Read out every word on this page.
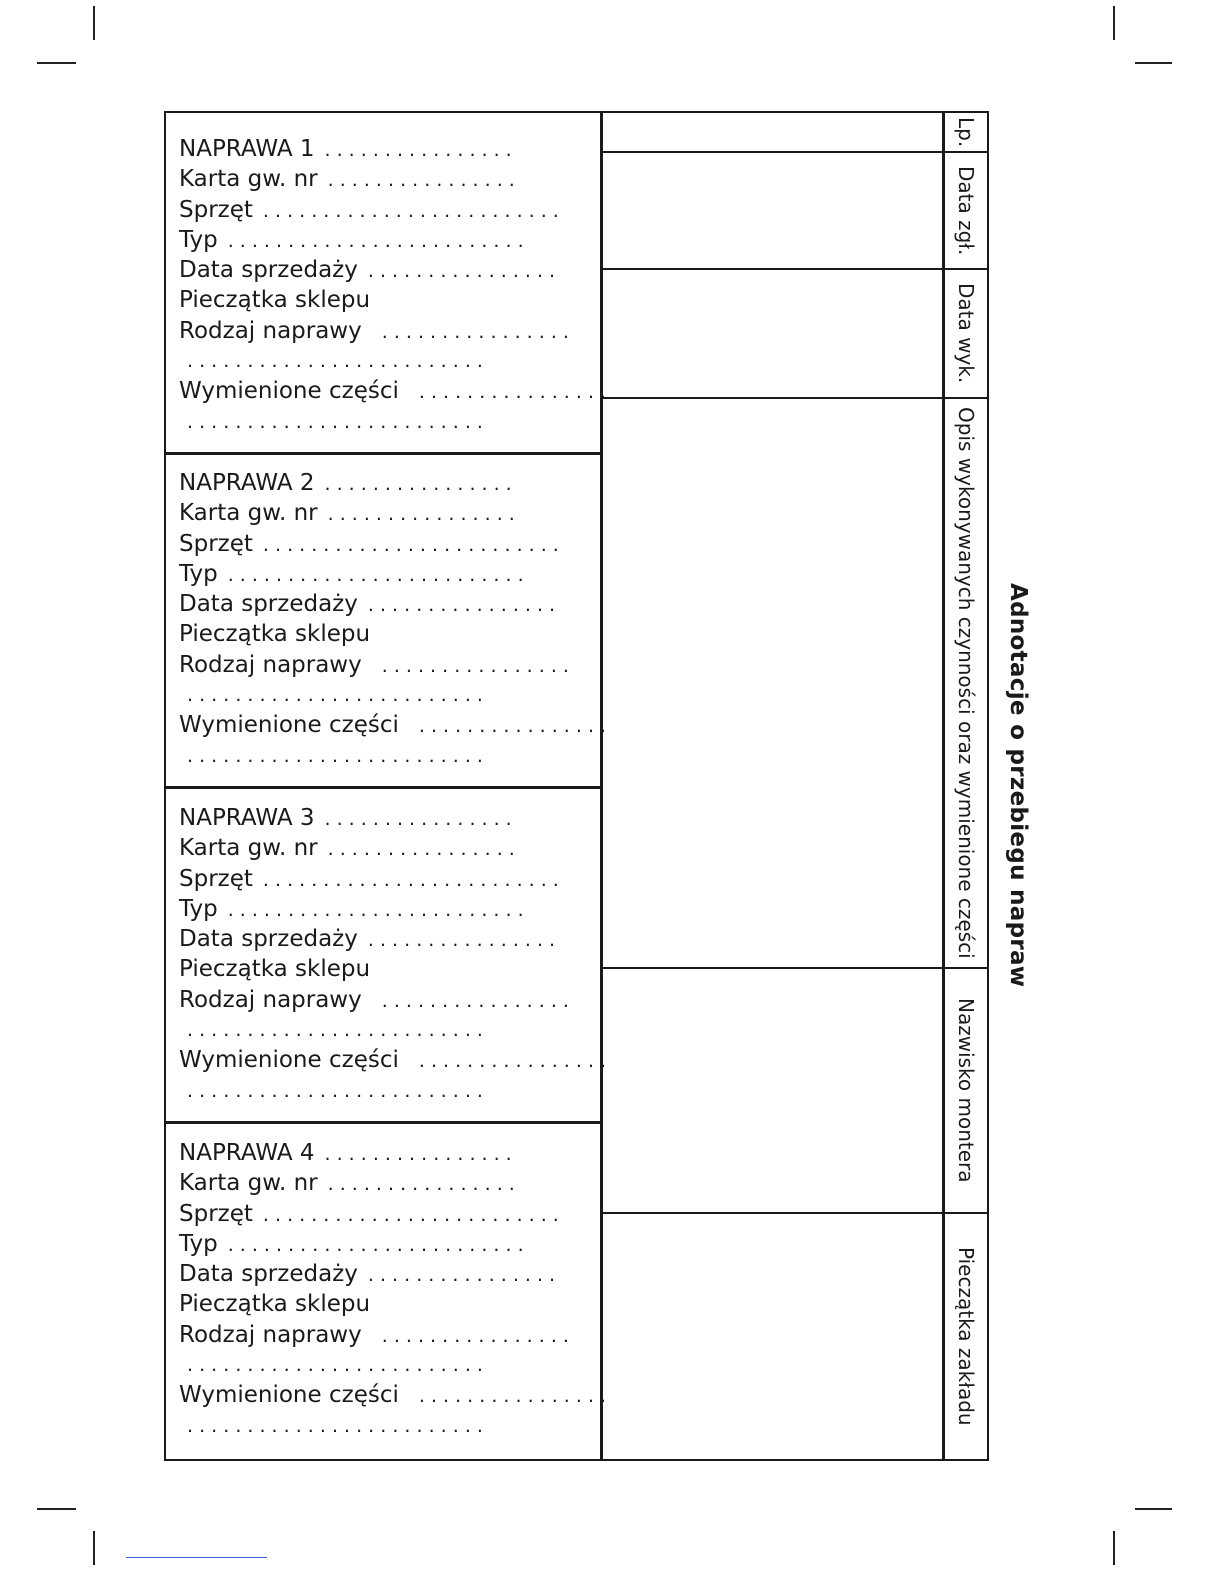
Lp.
Data zgł.
Data wyk.
Opis wykonywanych czynności oraz wymienione części
Nazwisko montera
Pieczątka zakładu
NAPRAWA 1 . . . . . . . . . . . . . . . .
Karta gw. nr . . . . . . . . . . . . . . . .
Sprzęt . . . . . . . . . . . . . . . . . . . . . . . . .
Typ . . . . . . . . . . . . . . . . . . . . . . . . .
Data sprzedaży . . . . . . . . . . . . . . . .
Pieczątka sklepu
Rodzaj naprawy . . . . . . . . . . . . . . . .
. . . . . . . . . . . . . . . . . . . . . . . . .
Wymienione części . . . . . . . . . . . . . . . .
. . . . . . . . . . . . . . . . . . . . . . . . .
NAPRAWA 2 . . . . . . . . . . . . . . . .
Karta gw. nr . . . . . . . . . . . . . . . .
Sprzęt . . . . . . . . . . . . . . . . . . . . . . . . .
Typ . . . . . . . . . . . . . . . . . . . . . . . . .
Data sprzedaży . . . . . . . . . . . . . . . .
Pieczątka sklepu
Rodzaj naprawy . . . . . . . . . . . . . . . .
. . . . . . . . . . . . . . . . . . . . . . . . .
Wymienione części . . . . . . . . . . . . . . . .
. . . . . . . . . . . . . . . . . . . . . . . . .
NAPRAWA 3 . . . . . . . . . . . . . . . .
Karta gw. nr . . . . . . . . . . . . . . . .
Sprzęt . . . . . . . . . . . . . . . . . . . . . . . . .
Typ . . . . . . . . . . . . . . . . . . . . . . . . .
Data sprzedaży . . . . . . . . . . . . . . . .
Pieczątka sklepu
Rodzaj naprawy . . . . . . . . . . . . . . . .
. . . . . . . . . . . . . . . . . . . . . . . . .
Wymienione części . . . . . . . . . . . . . . . .
. . . . . . . . . . . . . . . . . . . . . . . . .
NAPRAWA 4 . . . . . . . . . . . . . . . .
Karta gw. nr . . . . . . . . . . . . . . . .
Sprzęt . . . . . . . . . . . . . . . . . . . . . . . . .
Typ . . . . . . . . . . . . . . . . . . . . . . . . .
Data sprzedaży . . . . . . . . . . . . . . . .
Pieczątka sklepu
Rodzaj naprawy . . . . . . . . . . . . . . . .
. . . . . . . . . . . . . . . . . . . . . . . . .
Wymienione części . . . . . . . . . . . . . . . .
. . . . . . . . . . . . . . . . . . . . . . . . .
Adnotacje o przebiegu napraw
